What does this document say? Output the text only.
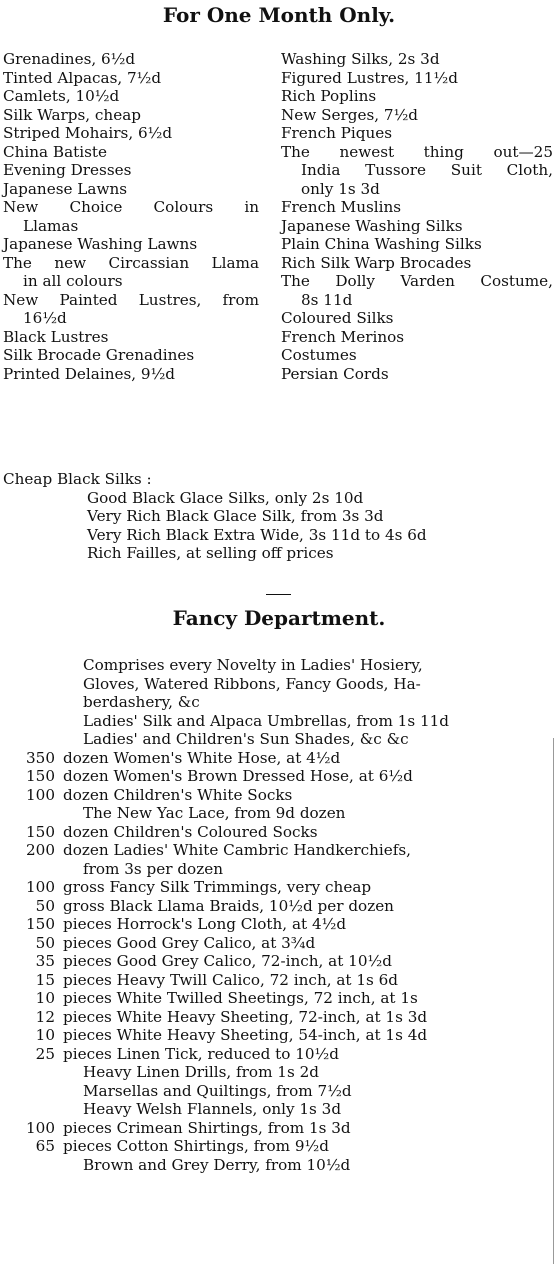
For One Month Only.
Grenadines, 6½d
Tinted Alpacas, 7½d
Camlets, 10½d
Silk Warps, cheap
Striped Mohairs, 6½d
China Batiste
Evening Dresses
Japanese Lawns
New Choice Colours in
Llamas
Japanese Washing Lawns
The new Circassian Llama
in all colours
New Painted Lustres, from
16½d
Black Lustres
Silk Brocade Grenadines
Printed Delaines, 9½d
Washing Silks, 2s 3d
Figured Lustres, 11½d
Rich Poplins
New Serges, 7½d
French Piques
The newest thing out—25
India Tussore Suit Cloth,
only 1s 3d
French Muslins
Japanese Washing Silks
Plain China Washing Silks
Rich Silk Warp Brocades
The Dolly Varden Costume,
8s 11d
Coloured Silks
French Merinos
Costumes
Persian Cords
Cheap Black Silks :
Good Black Glace Silks, only 2s 10d
Very Rich Black Glace Silk, from 3s 3d
Very Rich Black Extra Wide, 3s 11d to 4s 6d
Rich Failles, at selling off prices
Fancy Department.
Comprises every Novelty in Ladies' Hosiery,
Gloves, Watered Ribbons, Fancy Goods, Ha-
berdashery, &c
Ladies' Silk and Alpaca Umbrellas, from 1s 11d
Ladies' and Children's Sun Shades, &c &c
350 dozen Women's White Hose, at 4½d
150 dozen Women's Brown Dressed Hose, at 6½d
100 dozen Children's White Socks
The New Yac Lace, from 9d dozen
150 dozen Children's Coloured Socks
200 dozen Ladies' White Cambric Handkerchiefs,
from 3s per dozen
100 gross Fancy Silk Trimmings, very cheap
50 gross Black Llama Braids, 10½d per dozen
150 pieces Horrock's Long Cloth, at 4½d
50 pieces Good Grey Calico, at 3¾d
35 pieces Good Grey Calico, 72-inch, at 10½d
15 pieces Heavy Twill Calico, 72 inch, at 1s 6d
10 pieces White Twilled Sheetings, 72 inch, at 1s
12 pieces White Heavy Sheeting, 72-inch, at 1s 3d
10 pieces White Heavy Sheeting, 54-inch, at 1s 4d
25 pieces Linen Tick, reduced to 10½d
Heavy Linen Drills, from 1s 2d
Marsellas and Quiltings, from 7½d
Heavy Welsh Flannels, only 1s 3d
100 pieces Crimean Shirtings, from 1s 3d
65 pieces Cotton Shirtings, from 9½d
Brown and Grey Derry, from 10½d
